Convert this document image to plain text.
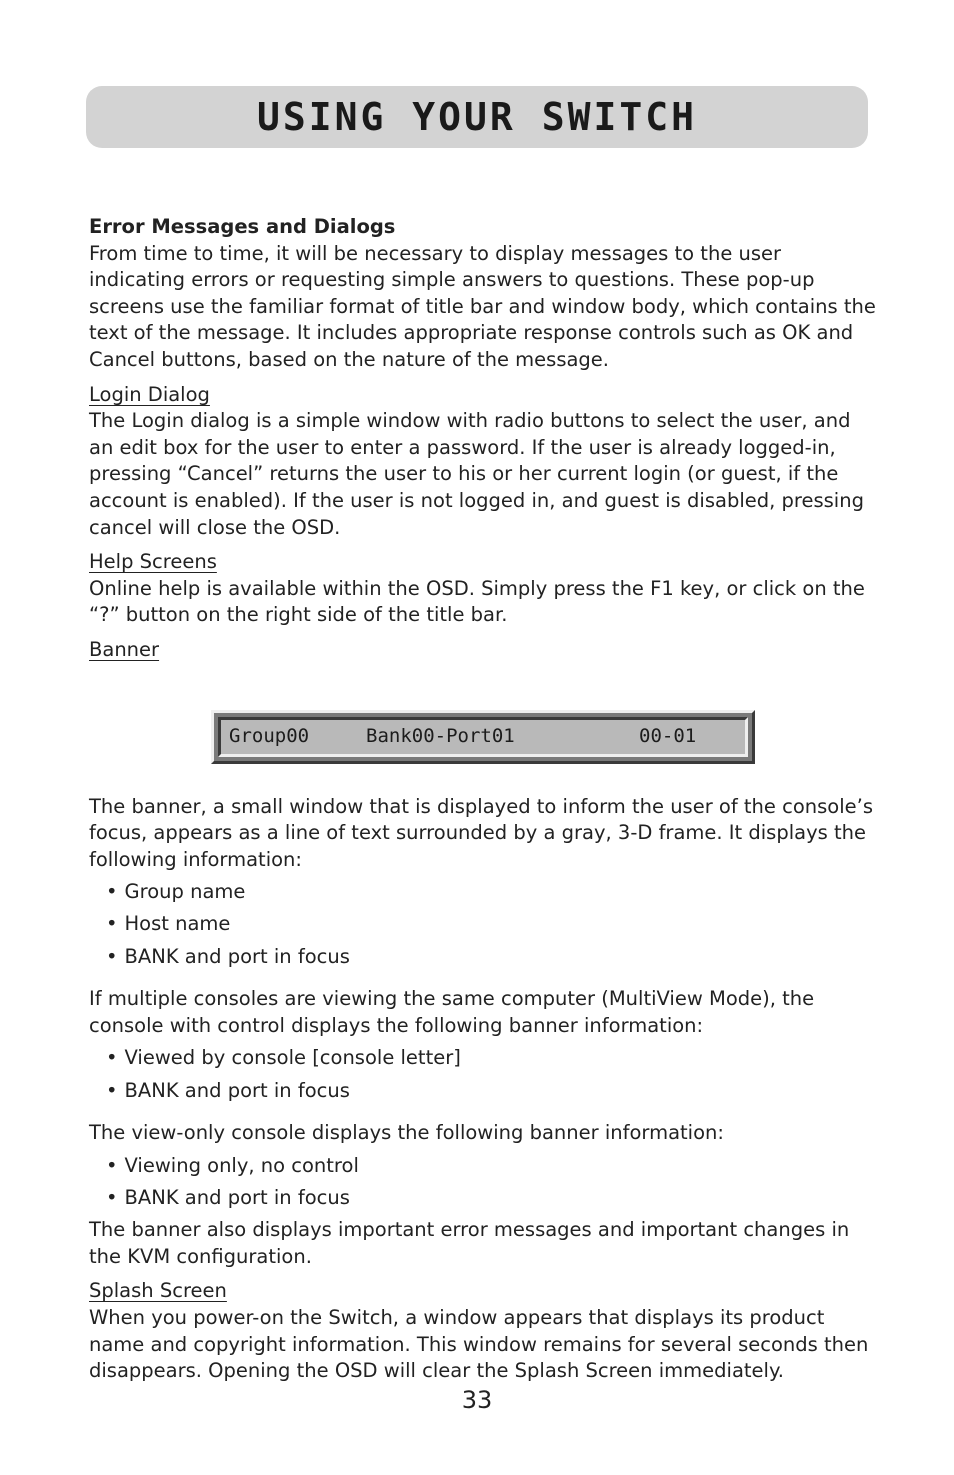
USING YOUR SWITCH

Error Messages and Dialogs

From time to time, it will be necessary to display messages to the user indicating errors or requesting simple answers to questions. These pop-up screens use the familiar format of title bar and window body, which contains the text of the message. It includes appropriate response controls such as OK and Cancel buttons, based on the nature of the message.

Login Dialog

The Login dialog is a simple window with radio buttons to select the user, and an edit box for the user to enter a password. If the user is already logged-in, pressing “Cancel” returns the user to his or her current login (or guest, if the account is enabled). If the user is not logged in, and guest is disabled, pressing cancel will close the OSD.

Help Screens

Online help is available within the OSD. Simply press the F1 key, or click on the “?” button on the right side of the title bar.

Banner

Group00	Bank00-Port01	00-01

The banner, a small window that is displayed to inform the user of the console’s focus, appears as a line of text surrounded by a gray, 3-D frame. It displays the following information:

• Group name
• Host name
• BANK and port in focus

If multiple consoles are viewing the same computer (MultiView Mode), the console with control displays the following banner information:

• Viewed by console [console letter]
• BANK and port in focus

The view-only console displays the following banner information:

• Viewing only, no control
• BANK and port in focus

The banner also displays important error messages and important changes in the KVM configuration.

Splash Screen

When you power-on the Switch, a window appears that displays its product name and copyright information. This window remains for several seconds then disappears. Opening the OSD will clear the Splash Screen immediately.

33
